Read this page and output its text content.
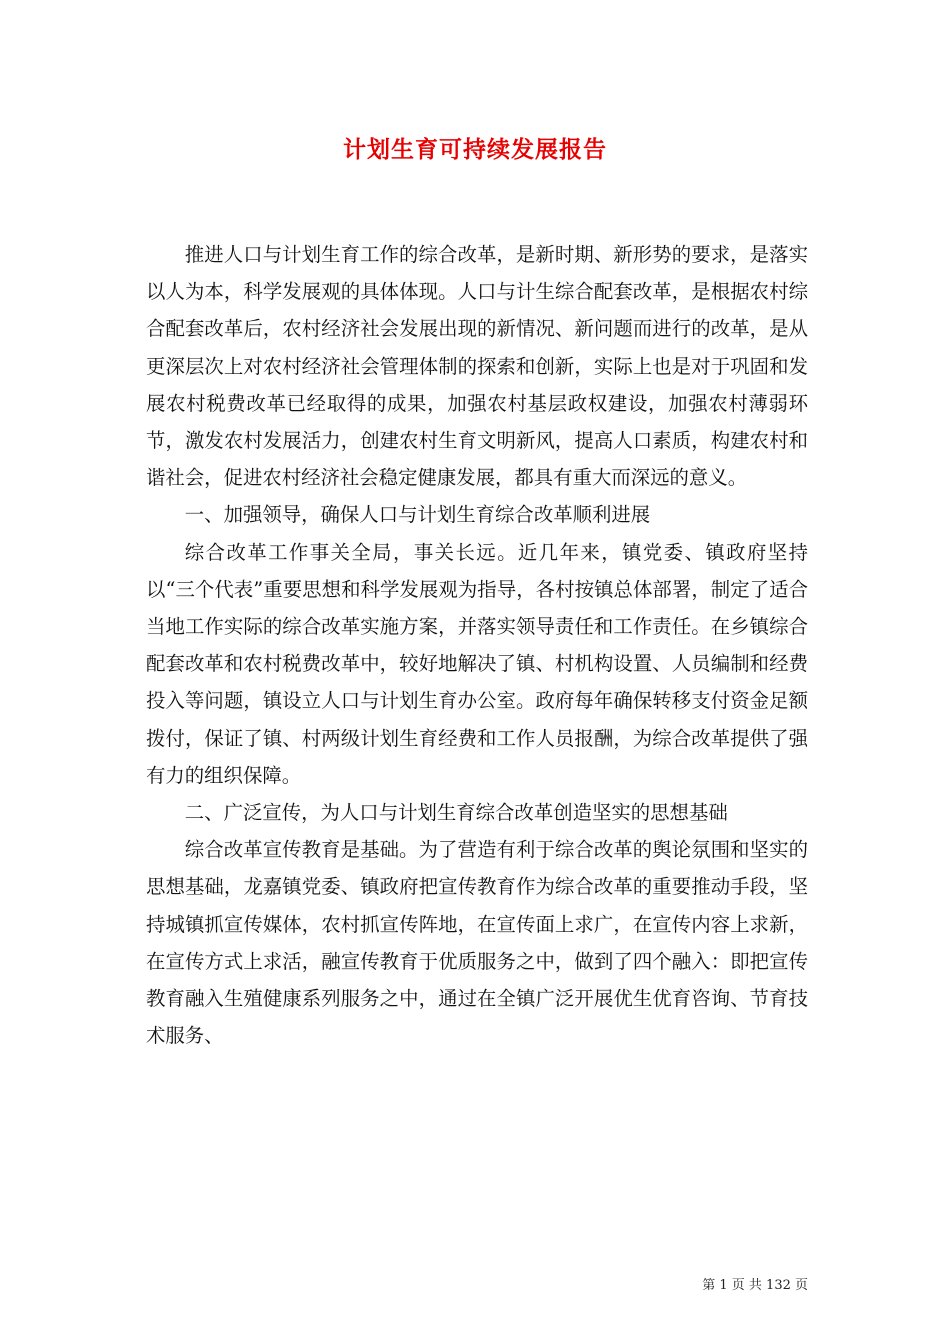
计划生育可持续发展报告

推进人口与计划生育工作的综合改革，是新时期、新形势的要求，是落实以人为本，科学发展观的具体体现。人口与计生综合配套改革，是根据农村综合配套改革后，农村经济社会发展出现的新情况、新问题而进行的改革，是从更深层次上对农村经济社会管理体制的探索和创新，实际上也是对于巩固和发展农村税费改革已经取得的成果，加强农村基层政权建设，加强农村薄弱环节，激发农村发展活力，创建农村生育文明新风，提高人口素质，构建农村和谐社会，促进农村经济社会稳定健康发展，都具有重大而深远的意义。

一、加强领导，确保人口与计划生育综合改革顺利进展

综合改革工作事关全局，事关长远。近几年来，镇党委、镇政府坚持以“三个代表”重要思想和科学发展观为指导，各村按镇总体部署，制定了适合当地工作实际的综合改革实施方案，并落实领导责任和工作责任。在乡镇综合配套改革和农村税费改革中，较好地解决了镇、村机构设置、人员编制和经费投入等问题，镇设立人口与计划生育办公室。政府每年确保转移支付资金足额拨付，保证了镇、村两级计划生育经费和工作人员报酬，为综合改革提供了强有力的组织保障。

二、广泛宣传，为人口与计划生育综合改革创造坚实的思想基础

综合改革宣传教育是基础。为了营造有利于综合改革的舆论氛围和坚实的思想基础，龙嘉镇党委、镇政府把宣传教育作为综合改革的重要推动手段，坚持城镇抓宣传媒体，农村抓宣传阵地，在宣传面上求广，在宣传内容上求新，在宣传方式上求活，融宣传教育于优质服务之中，做到了四个融入：即把宣传教育融入生殖健康系列服务之中，通过在全镇广泛开展优生优育咨询、节育技术服务、

第 1 页 共 132 页
